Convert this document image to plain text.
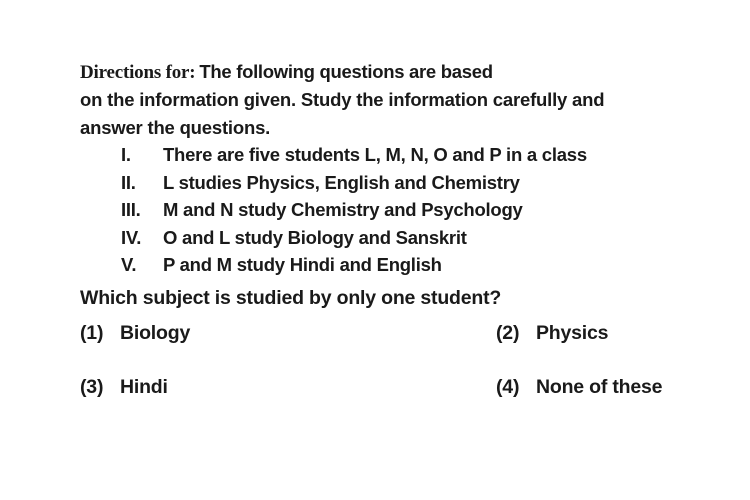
Directions for: The following questions are based
on the information given. Study the information carefully and
answer the questions.
I. There are five students L, M, N, O and P in a class
II. L studies Physics, English and Chemistry
III. M and N study Chemistry and Psychology
IV. O and L study Biology and Sanskrit
V. P and M study Hindi and English
Which subject is studied by only one student?
(1) Biology	(2) Physics
(3) Hindi	(4) None of these
